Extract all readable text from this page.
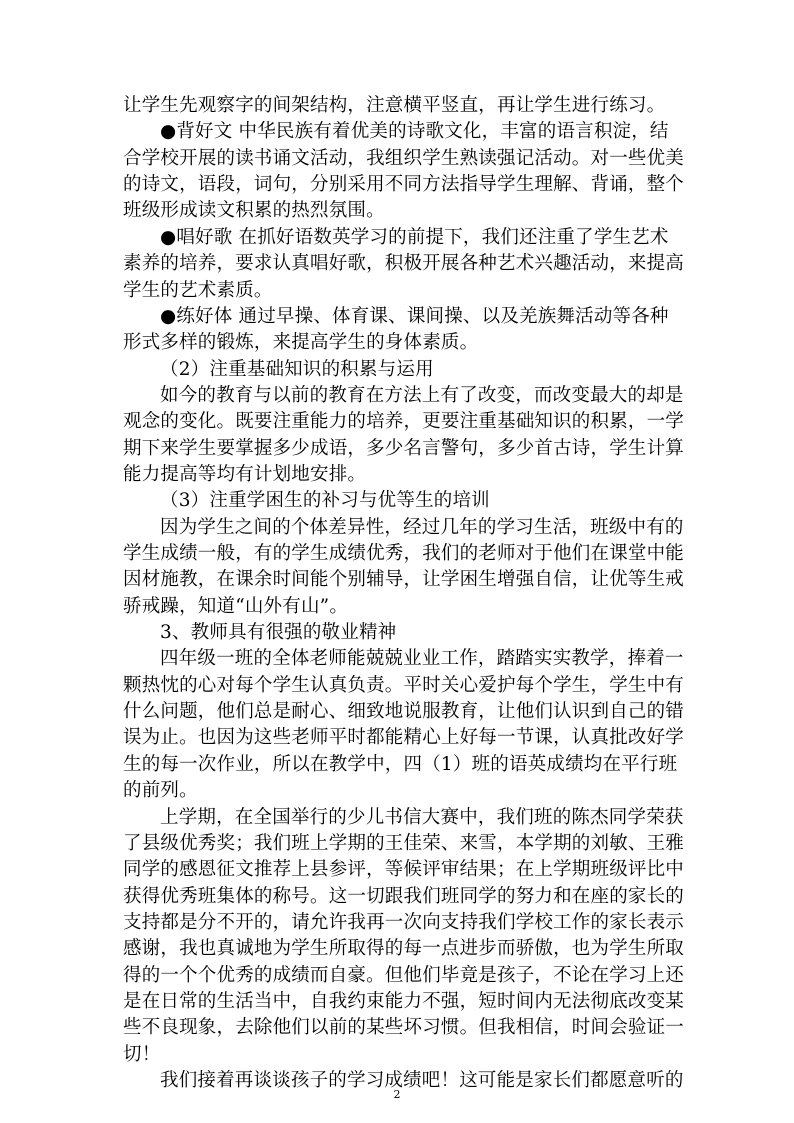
2
让学生先观察字的间架结构，注意横平竖直，再让学生进行练习。
●背好文 中华民族有着优美的诗歌文化，丰富的语言积淀，结
合学校开展的读书诵文活动，我组织学生熟读强记活动。对一些优美
的诗文，语段，词句，分别采用不同方法指导学生理解、背诵，整个
班级形成读文积累的热烈氛围。
●唱好歌 在抓好语数英学习的前提下，我们还注重了学生艺术
素养的培养，要求认真唱好歌，积极开展各种艺术兴趣活动，来提高
学生的艺术素质。
●练好体 通过早操、体育课、课间操、以及羌族舞活动等各种
形式多样的锻炼，来提高学生的身体素质。
（2）注重基础知识的积累与运用
如今的教育与以前的教育在方法上有了改变，而改变最大的却是
观念的变化。既要注重能力的培养，更要注重基础知识的积累，一学
期下来学生要掌握多少成语，多少名言警句，多少首古诗，学生计算
能力提高等均有计划地安排。
（3）注重学困生的补习与优等生的培训
因为学生之间的个体差异性，经过几年的学习生活，班级中有的
学生成绩一般，有的学生成绩优秀，我们的老师对于他们在课堂中能
因材施教，在课余时间能个别辅导，让学困生增强自信，让优等生戒
骄戒躁，知道“山外有山”。
3、教师具有很强的敬业精神
四年级一班的全体老师能兢兢业业工作，踏踏实实教学，捧着一
颗热忱的心对每个学生认真负责。平时关心爱护每个学生，学生中有
什么问题，他们总是耐心、细致地说服教育，让他们认识到自己的错
误为止。也因为这些老师平时都能精心上好每一节课，认真批改好学
生的每一次作业，所以在教学中，四（1）班的语英成绩均在平行班
的前列。
上学期，在全国举行的少儿书信大赛中，我们班的陈杰同学荣获
了县级优秀奖；我们班上学期的王佳荣、来雪，本学期的刘敏、王雅
同学的感恩征文推荐上县参评，等候评审结果；在上学期班级评比中
获得优秀班集体的称号。这一切跟我们班同学的努力和在座的家长的
支持都是分不开的，请允许我再一次向支持我们学校工作的家长表示
感谢，我也真诚地为学生所取得的每一点进步而骄傲，也为学生所取
得的一个个优秀的成绩而自豪。但他们毕竟是孩子，不论在学习上还
是在日常的生活当中，自我约束能力不强，短时间内无法彻底改变某
些不良现象，去除他们以前的某些坏习惯。但我相信，时间会验证一
切！
我们接着再谈谈孩子的学习成绩吧！这可能是家长们都愿意听的
